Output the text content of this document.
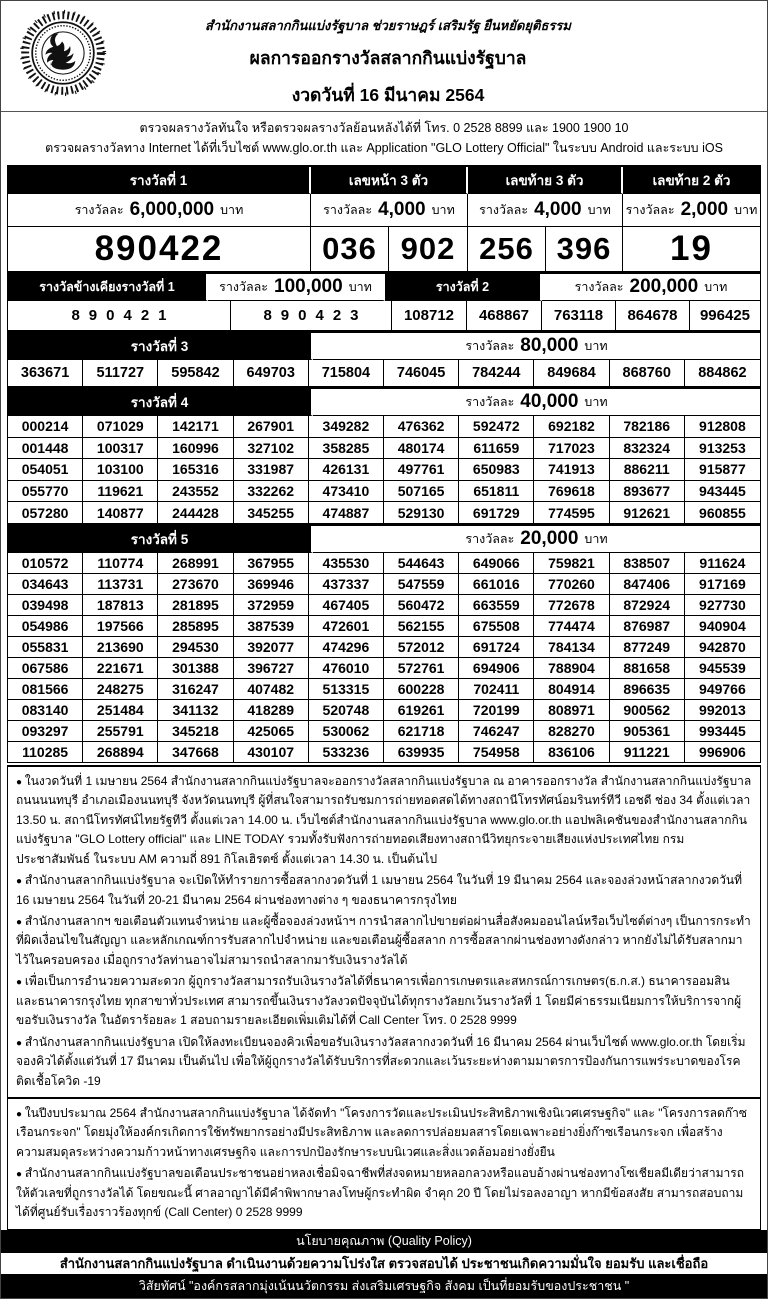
สำนักงานสลากกินแบ่งรัฐบาล ช่วยราษฎร์ เสริมรัฐ ยืนหยัดยุติธรรม
ผลการออกรางวัลสลากกินแบ่งรัฐบาล
งวดวันที่ 16 มีนาคม 2564
ตรวจผลรางวัลทันใจ หรือตรวจผลรางวัลย้อนหลังได้ที่ โทร. 0 2528 8899 และ 1900 1900 10
ตรวจผลรางวัลทาง Internet ได้ที่เว็บไซต์ www.glo.or.th และ Application "GLO Lottery Official" ในระบบ Android และระบบ iOS
รางวัลที่ 1	เลขหน้า 3 ตัว	เลขท้าย 3 ตัว	เลขท้าย 2 ตัว
รางวัลละ 6,000,000 บาท	รางวัลละ 4,000 บาท รางวัลละ 4,000 บาท รางวัลละ 2,000 บาท
890422	036 902 256 396	19
รางวัลข้างเคียงรางวัลที่ 1	รางวัลละ 100,000 บาท	รางวัลที่ 2	รางวัลละ 200,000 บาท
890421	890423	108712	468867	763118	864678	996425
รางวัลที่ 3	รางวัลละ 80,000 บาท
363671	511727	595842	649703	715804	746045	784244	849684	868760	884862
รางวัลที่ 4	รางวัลละ 40,000 บาท
000214	071029	142171	267901	349282	476362	592472	692182	782186	912808
001448	100317	160996	327102	358285	480174	611659	717023	832324	913253
054051	103100	165316	331987	426131	497761	650983	741913	886211	915877
055770	119621	243552	332262	473410	507165	651811	769618	893677	943445
057280	140877	244428	345255	474887	529130	691729	774595	912621	960855
รางวัลที่ 5	รางวัลละ 20,000 บาท
010572	110774	268991	367955	435530	544643	649066	759821	838507	911624
034643	113731	273670	369946	437337	547559	661016	770260	847406	917169
039498	187813	281895	372959	467405	560472	663559	772678	872924	927730
054986	197566	285895	387539	472601	562155	675508	774474	876987	940904
055831	213690	294530	392077	474296	572012	691724	784134	877249	942870
067586	221671	301388	396727	476010	572761	694906	788904	881658	945539
081566	248275	316247	407482	513315	600228	702411	804914	896635	949766
083140	251484	341132	418289	520748	619261	720199	808971	900562	992013
093297	255791	345218	425065	530062	621718	746247	828270	905361	993445
110285	268894	347668	430107	533236	639935	754958	836106	911221	996906
● ในงวดวันที่ 1 เมษายน 2564 สำนักงานสลากกินแบ่งรัฐบาลจะออกรางวัลสลากกินแบ่งรัฐบาล ณ อาคารออกรางวัล สำนักงานสลากกินแบ่งรัฐบาล ถนนนนทบุรี อำเภอเมืองนนทบุรี จังหวัดนนทบุรี ผู้ที่สนใจสามารถรับชมการถ่ายทอดสดได้ทางสถานีโทรทัศน์อมรินทร์ทีวี เอชดี ช่อง 34 ตั้งแต่เวลา 13.50 น. สถานีโทรทัศน์ไทยรัฐทีวี ตั้งแต่เวลา 14.00 น. เว็บไซต์สำนักงานสลากกินแบ่งรัฐบาล www.glo.or.th แอปพลิเคชันของสำนักงานสลากกินแบ่งรัฐบาล "GLO Lottery official" และ LINE TODAY รวมทั้งรับฟังการถ่ายทอดเสียงทางสถานีวิทยุกระจายเสียงแห่งประเทศไทย กรมประชาสัมพันธ์ ในระบบ AM ความถี่ 891 กิโลเฮิรตซ์ ตั้งแต่เวลา 14.30 น. เป็นต้นไป
● สำนักงานสลากกินแบ่งรัฐบาล จะเปิดให้ทำรายการซื้อสลากงวดวันที่ 1 เมษายน 2564 ในวันที่ 19 มีนาคม 2564 และจองล่วงหน้าสลากงวดวันที่ 16 เมษายน 2564 ในวันที่ 20-21 มีนาคม 2564 ผ่านช่องทางต่าง ๆ ของธนาคารกรุงไทย
● สำนักงานสลากฯ ขอเตือนตัวแทนจำหน่าย และผู้ซื้อจองล่วงหน้าฯ การนำสลากไปขายต่อผ่านสื่อสังคมออนไลน์หรือเว็บไซต์ต่างๆ เป็นการกระทำที่ผิดเงื่อนไขในสัญญา และหลักเกณฑ์การรับสลากไปจำหน่าย และขอเตือนผู้ซื้อสลาก การซื้อสลากผ่านช่องทางดังกล่าว หากยังไม่ได้รับสลากมาไว้ในครอบครอง เมื่อถูกรางวัลท่านอาจไม่สามารถนำสลากมารับเงินรางวัลได้
● เพื่อเป็นการอำนวยความสะดวก ผู้ถูกรางวัลสามารถรับเงินรางวัลได้ที่ธนาคารเพื่อการเกษตรและสหกรณ์การเกษตร(ธ.ก.ส.) ธนาคารออมสิน และธนาคารกรุงไทย ทุกสาขาทั่วประเทศ สามารถขึ้นเงินรางวัลงวดปัจจุบันได้ทุกรางวัลยกเว้นรางวัลที่ 1 โดยมีค่าธรรมเนียมการให้บริการจากผู้ขอรับเงินรางวัล ในอัตราร้อยละ 1 สอบถามรายละเอียดเพิ่มเติมได้ที่ Call Center โทร. 0 2528 9999
● สำนักงานสลากกินแบ่งรัฐบาล เปิดให้ลงทะเบียนจองคิวเพื่อขอรับเงินรางวัลสลากงวดวันที่ 16 มีนาคม 2564 ผ่านเว็บไซต์ www.glo.or.th โดยเริ่มจองคิวได้ตั้งแต่วันที่ 17 มีนาคม เป็นต้นไป เพื่อให้ผู้ถูกรางวัลได้รับบริการที่สะดวกและเว้นระยะห่างตามมาตรการป้องกันการแพร่ระบาดของโรคติดเชื้อโควิด -19
● ในปีงบประมาณ 2564 สำนักงานสลากกินแบ่งรัฐบาล ได้จัดทำ "โครงการวัดและประเมินประสิทธิภาพเชิงนิเวศเศรษฐกิจ" และ "โครงการลดก๊าซเรือนกระจก" โดยมุ่งให้องค์กรเกิดการใช้ทรัพยากรอย่างมีประสิทธิภาพ และลดการปล่อยมลสารโดยเฉพาะอย่างยิ่งก๊าซเรือนกระจก เพื่อสร้างความสมดุลระหว่างความก้าวหน้าทางเศรษฐกิจ และการปกป้องรักษาระบบนิเวศและสิ่งแวดล้อมอย่างยั่งยืน
● สำนักงานสลากกินแบ่งรัฐบาลขอเตือนประชาชนอย่าหลงเชื่อมิจฉาชีพที่ส่งจดหมายหลอกลวงหรือแอบอ้างผ่านช่องทางโซเชียลมีเดียว่าสามารถให้ตัวเลขที่ถูกรางวัลได้ โดยขณะนี้ ศาลอาญาได้มีคำพิพากษาลงโทษผู้กระทำผิด จำคุก 20 ปี โดยไม่รอลงอาญา หากมีข้อสงสัย สามารถสอบถามได้ที่ศูนย์รับเรื่องราวร้องทุกข์ (Call Center) 0 2528 9999
นโยบายคุณภาพ (Quality Policy)
สำนักงานสลากกินแบ่งรัฐบาล ดำเนินงานด้วยความโปร่งใส ตรวจสอบได้ ประชาชนเกิดความมั่นใจ ยอมรับ และเชื่อถือ
วิสัยทัศน์ "องค์กรสลากมุ่งเน้นนวัตกรรม ส่งเสริมเศรษฐกิจ สังคม เป็นที่ยอมรับของประชาชน "
